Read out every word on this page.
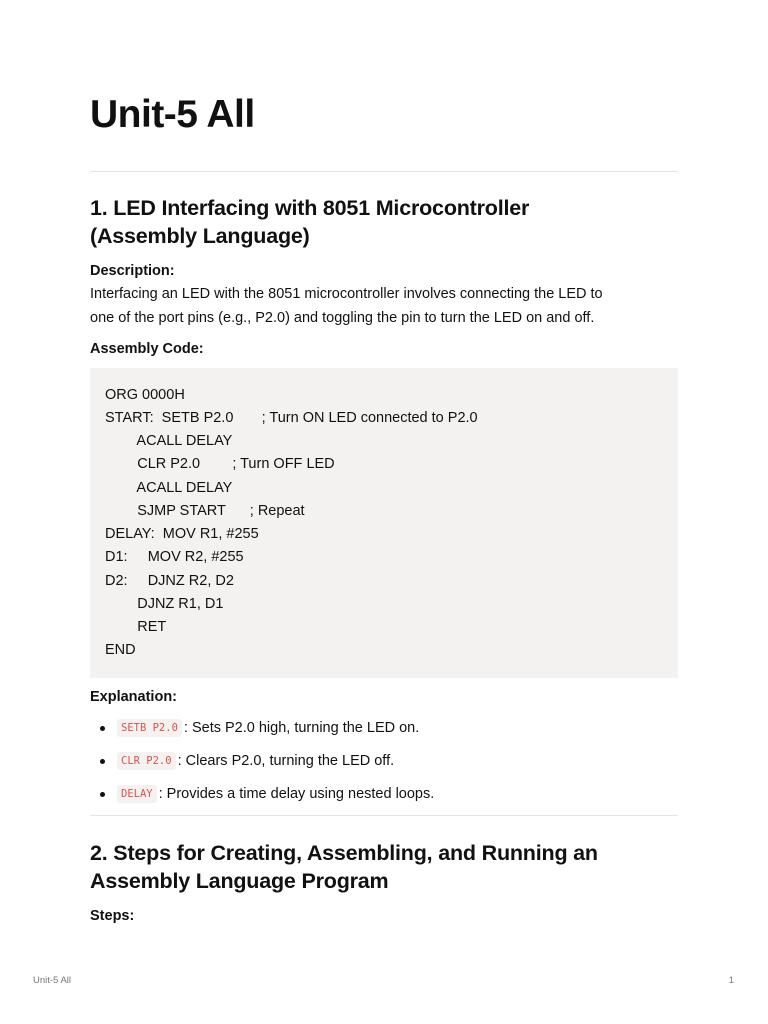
Unit-5 All
1. LED Interfacing with 8051 Microcontroller
(Assembly Language)

Description:

Interfacing an LED with the 8051 microcontroller involves connecting the LED to
one of the port pins (e.g., P2.0) and toggling the pin to turn the LED on and off.

Assembly Code:

ORG 0000H
START:  SETB P2.0       ; Turn ON LED connected to P2.0
ACALL DELAY
CLR P2.0        ; Turn OFF LED
ACALL DELAY
SJMP START      ; Repeat
DELAY:  MOV R1, #255
D1:     MOV R2, #255
D2:     DJNZ R2, D2
DJNZ R1, D1
RET
END

Explanation:

SETB P2.0 : Sets P2.0 high, turning the LED on.
CLR P2.0 : Clears P2.0, turning the LED off.
DELAY : Provides a time delay using nested loops.
2. Steps for Creating, Assembling, and Running an
Assembly Language Program

Steps:

Unit-5 All	1
